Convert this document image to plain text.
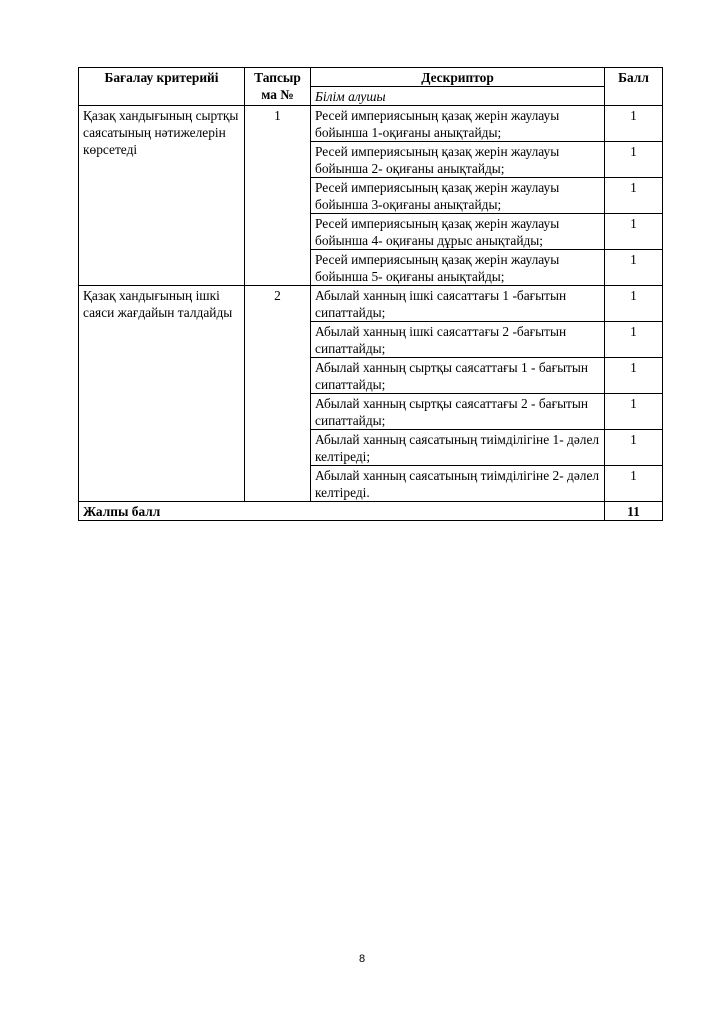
Бағалау критерийі	Тапсыр ма №	Дескриптор	Балл
		Білім алушы	
Қазақ хандығының сыртқы саясатының нәтижелерін көрсетеді	1	Ресей империясының қазақ жерін жаулауы бойынша 1-оқиғаны анықтайды;	1
		Ресей империясының қазақ жерін жаулауы бойынша 2- оқиғаны анықтайды;	1
		Ресей империясының қазақ жерін жаулауы бойынша 3-оқиғаны анықтайды;	1
		Ресей империясының қазақ жерін жаулауы бойынша 4- оқиғаны дұрыс анықтайды;	1
		Ресей империясының қазақ жерін жаулауы бойынша 5- оқиғаны анықтайды;	1
Қазақ хандығының ішкі саяси жағдайын талдайды	2	Абылай ханның ішкі саясаттағы 1 -бағытын сипаттайды;	1
		Абылай ханның ішкі саясаттағы 2 -бағытын сипаттайды;	1
		Абылай ханның сыртқы саясаттағы 1 - бағытын сипаттайды;	1
		Абылай ханның сыртқы саясаттағы 2 - бағытын сипаттайды;	1
		Абылай ханның саясатының тиімділігіне 1- дәлел келтіреді;	1
		Абылай ханның саясатының тиімділігіне 2- дәлел келтіреді.	1
Жалпы балл			11
8
